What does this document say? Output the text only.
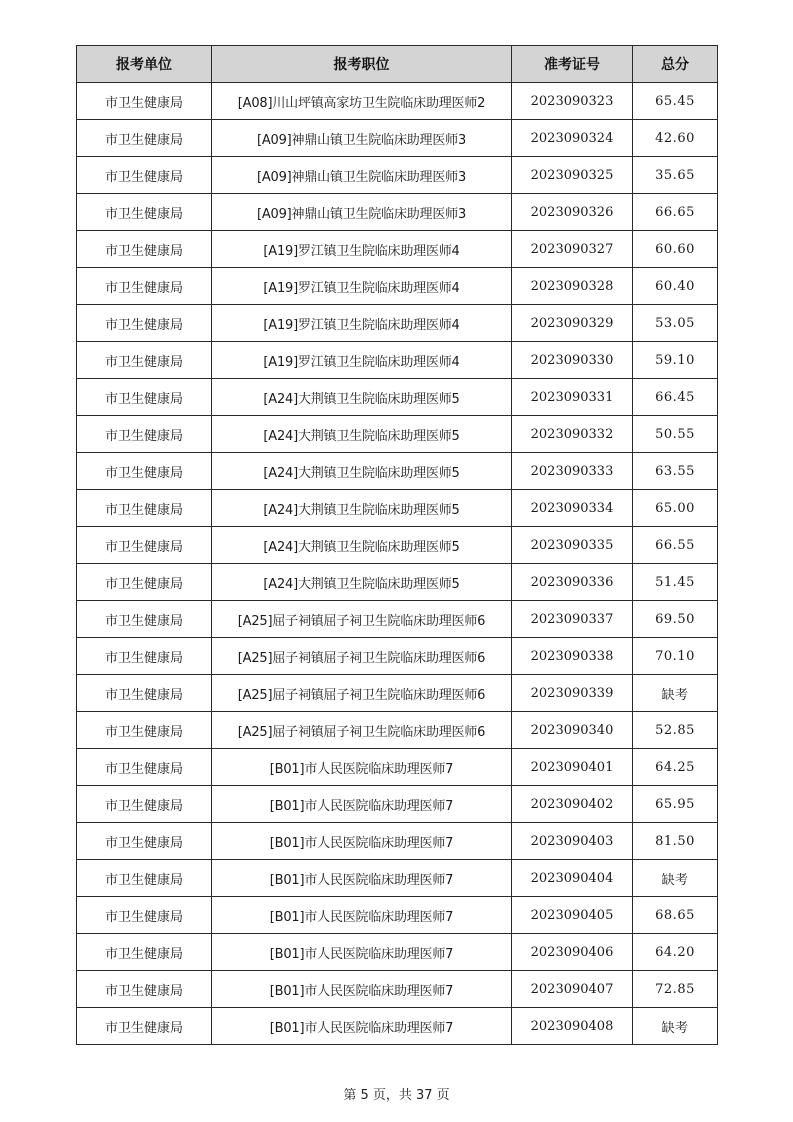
报考单位	报考职位	准考证号	总分
市卫生健康局	[A08]川山坪镇高家坊卫生院临床助理医师2	2023090323	65.45
市卫生健康局	[A09]神鼎山镇卫生院临床助理医师3	2023090324	42.60
市卫生健康局	[A09]神鼎山镇卫生院临床助理医师3	2023090325	35.65
市卫生健康局	[A09]神鼎山镇卫生院临床助理医师3	2023090326	66.65
市卫生健康局	[A19]罗江镇卫生院临床助理医师4	2023090327	60.60
市卫生健康局	[A19]罗江镇卫生院临床助理医师4	2023090328	60.40
市卫生健康局	[A19]罗江镇卫生院临床助理医师4	2023090329	53.05
市卫生健康局	[A19]罗江镇卫生院临床助理医师4	2023090330	59.10
市卫生健康局	[A24]大荆镇卫生院临床助理医师5	2023090331	66.45
市卫生健康局	[A24]大荆镇卫生院临床助理医师5	2023090332	50.55
市卫生健康局	[A24]大荆镇卫生院临床助理医师5	2023090333	63.55
市卫生健康局	[A24]大荆镇卫生院临床助理医师5	2023090334	65.00
市卫生健康局	[A24]大荆镇卫生院临床助理医师5	2023090335	66.55
市卫生健康局	[A24]大荆镇卫生院临床助理医师5	2023090336	51.45
市卫生健康局	[A25]屈子祠镇屈子祠卫生院临床助理医师6	2023090337	69.50
市卫生健康局	[A25]屈子祠镇屈子祠卫生院临床助理医师6	2023090338	70.10
市卫生健康局	[A25]屈子祠镇屈子祠卫生院临床助理医师6	2023090339	缺考
市卫生健康局	[A25]屈子祠镇屈子祠卫生院临床助理医师6	2023090340	52.85
市卫生健康局	[B01]市人民医院临床助理医师7	2023090401	64.25
市卫生健康局	[B01]市人民医院临床助理医师7	2023090402	65.95
市卫生健康局	[B01]市人民医院临床助理医师7	2023090403	81.50
市卫生健康局	[B01]市人民医院临床助理医师7	2023090404	缺考
市卫生健康局	[B01]市人民医院临床助理医师7	2023090405	68.65
市卫生健康局	[B01]市人民医院临床助理医师7	2023090406	64.20
市卫生健康局	[B01]市人民医院临床助理医师7	2023090407	72.85
市卫生健康局	[B01]市人民医院临床助理医师7	2023090408	缺考
第 5 页，共 37 页
